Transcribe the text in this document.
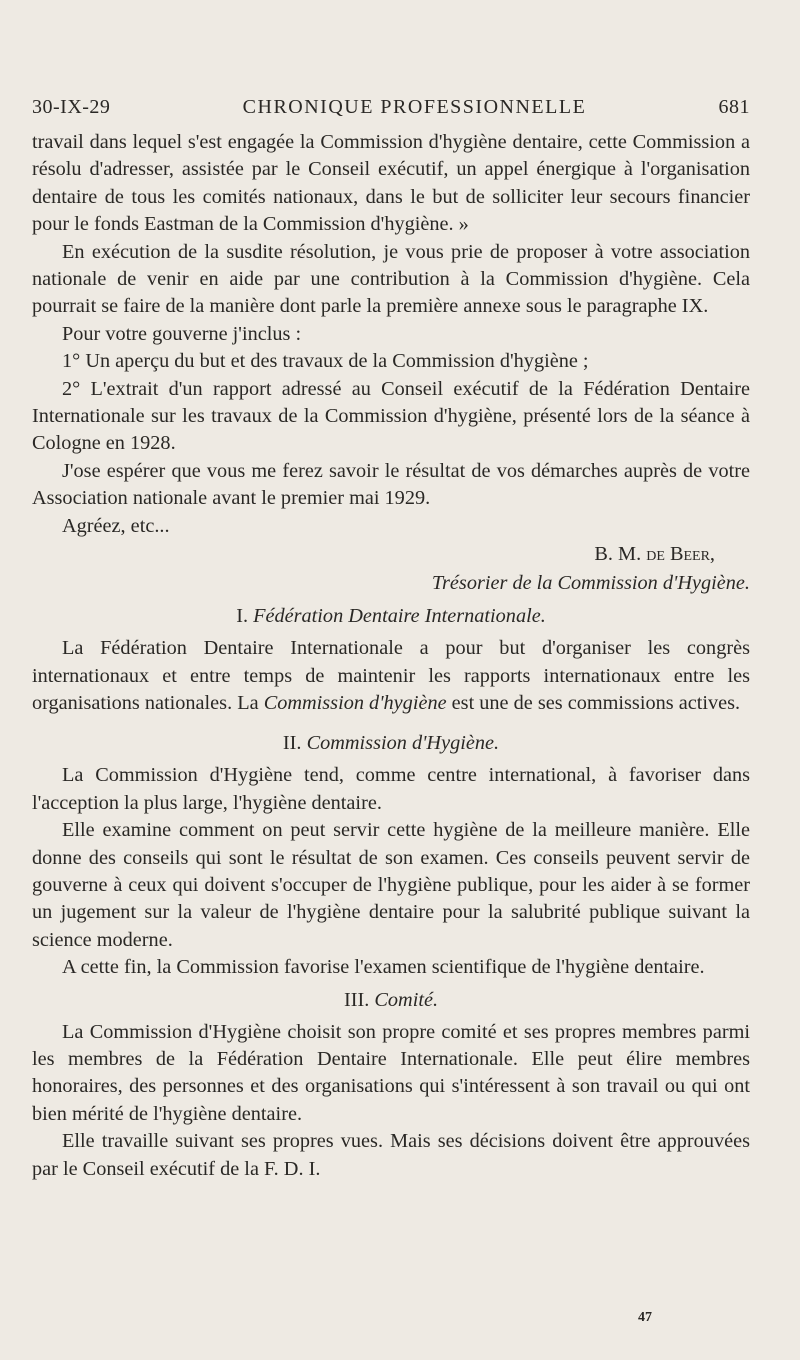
30-IX-29	CHRONIQUE PROFESSIONNELLE	681

travail dans lequel s'est engagée la Commission d'hygiène dentaire, cette Commission a résolu d'adresser, assistée par le Conseil exécutif, un appel énergique à l'organisation dentaire de tous les comités nationaux, dans le but de solliciter leur secours financier pour le fonds Eastman de la Commission d'hygiène. »

En exécution de la susdite résolution, je vous prie de proposer à votre association nationale de venir en aide par une contribution à la Commission d'hygiène. Cela pourrait se faire de la manière dont parle la première annexe sous le paragraphe IX.

Pour votre gouverne j'inclus :

1° Un aperçu du but et des travaux de la Commission d'hygiène ;

2° L'extrait d'un rapport adressé au Conseil exécutif de la Fédération Dentaire Internationale sur les travaux de la Commission d'hygiène, présenté lors de la séance à Cologne en 1928.

J'ose espérer que vous me ferez savoir le résultat de vos démarches auprès de votre Association nationale avant le premier mai 1929.

Agréez, etc...

B. M. de Beer,
Trésorier de la Commission d'Hygiène.
I. Fédération Dentaire Internationale.

La Fédération Dentaire Internationale a pour but d'organiser les congrès internationaux et entre temps de maintenir les rapports internationaux entre les organisations nationales. La Commission d'hygiène est une de ses commissions actives.

II. Commission d'Hygiène.

La Commission d'Hygiène tend, comme centre international, à favoriser dans l'acception la plus large, l'hygiène dentaire.

Elle examine comment on peut servir cette hygiène de la meilleure manière. Elle donne des conseils qui sont le résultat de son examen. Ces conseils peuvent servir de gouverne à ceux qui doivent s'occuper de l'hygiène publique, pour les aider à se former un jugement sur la valeur de l'hygiène dentaire pour la salubrité publique suivant la science moderne.

A cette fin, la Commission favorise l'examen scientifique de l'hygiène dentaire.

III. Comité.

La Commission d'Hygiène choisit son propre comité et ses propres membres parmi les membres de la Fédération Dentaire Internationale. Elle peut élire membres honoraires, des personnes et des organisations qui s'intéressent à son travail ou qui ont bien mérité de l'hygiène dentaire.

Elle travaille suivant ses propres vues. Mais ses décisions doivent être approuvées par le Conseil exécutif de la F. D. I.

47
